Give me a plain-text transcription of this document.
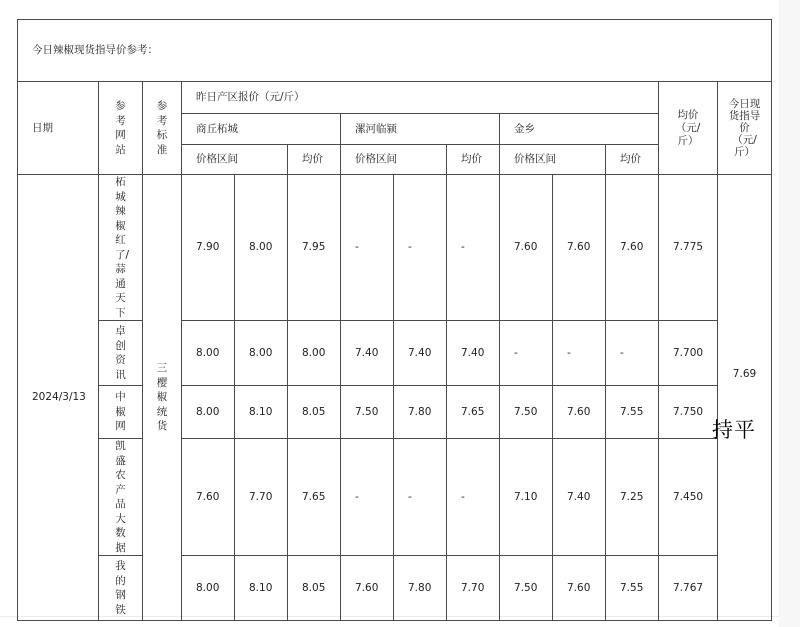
今日辣椒现货指导价参考：													
日期	参考网站	参考标准	昨日产区报价（元/斤）									均价（元/斤）	今日现货指导价（元/斤）
			商丘柘城			漯河临颍			金乡				
			价格区间		均价	价格区间		均价	价格区间		均价		
2024/3/13	柘城辣椒红了/蒜通天下	三樱椒统货	7.90	8.00	7.95	-	-	-	7.60	7.60	7.60	7.775	7.69
	卓创资讯		8.00	8.00	8.00	7.40	7.40	7.40	-	-	-	7.700	
	中椒网		8.00	8.10	8.05	7.50	7.80	7.65	7.50	7.60	7.55	7.750	
	凯盛农产品大数据		7.60	7.70	7.65	-	-	-	7.10	7.40	7.25	7.450	
	我的钢铁		8.00	8.10	8.05	7.60	7.80	7.70	7.50	7.60	7.55	7.767	
持平
